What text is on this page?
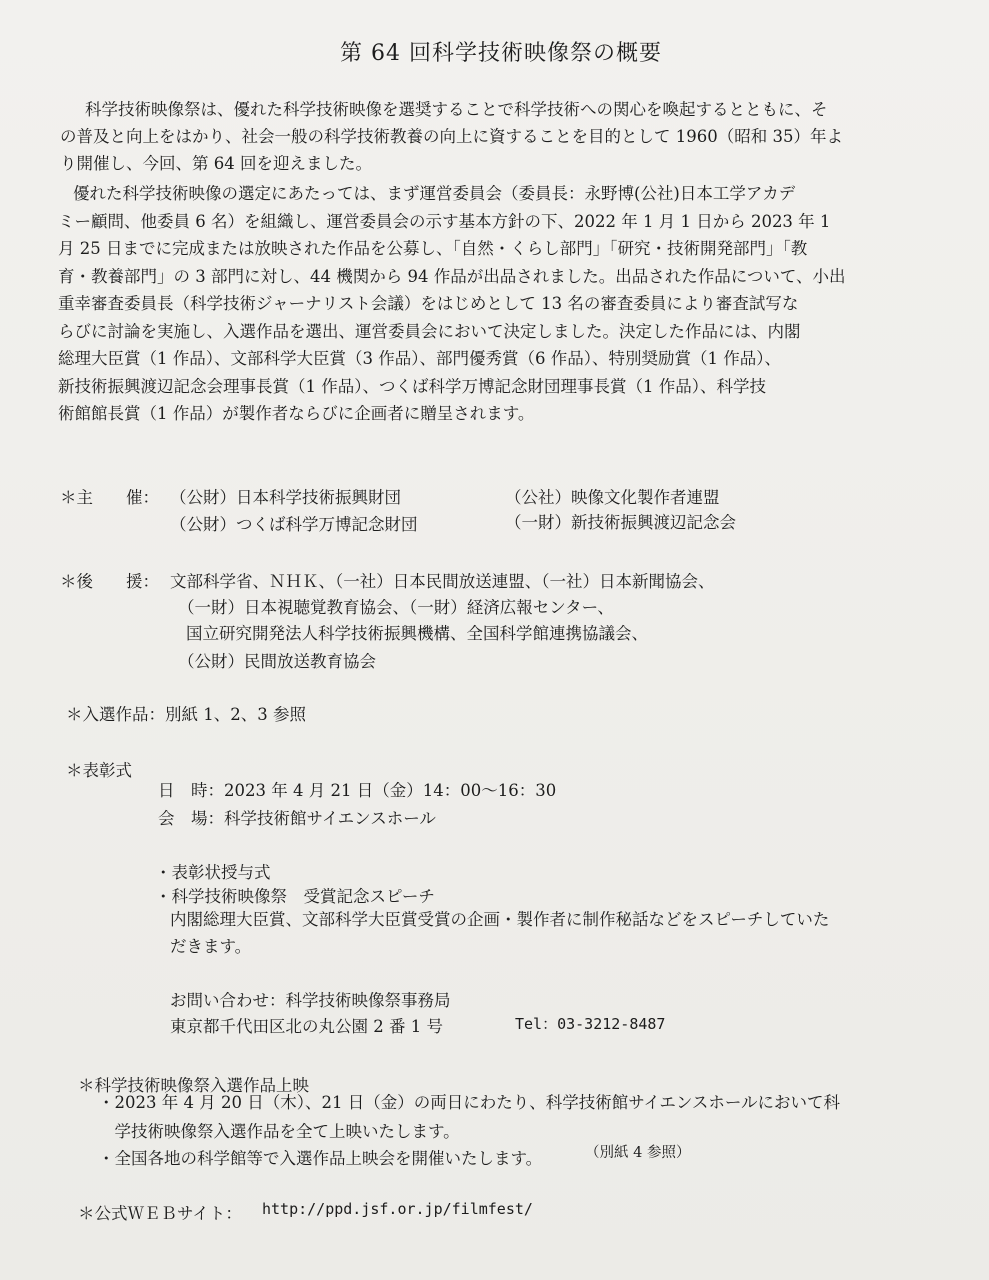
第 64 回科学技術映像祭の概要
科学技術映像祭は、優れた科学技術映像を選奨することで科学技術への関心を喚起するとともに、そ
の普及と向上をはかり、社会一般の科学技術教養の向上に資することを目的として 1960（昭和 35）年よ
り開催し、今回、第 64 回を迎えました。
優れた科学技術映像の選定にあたっては、まず運営委員会（委員長：永野博(公社)日本工学アカデ
ミー顧問、他委員 6 名）を組織し、運営委員会の示す基本方針の下、2022 年 1 月 1 日から 2023 年 1
月 25 日までに完成または放映された作品を公募し、「自然・くらし部門」「研究・技術開発部門」「教
育・教養部門」の 3 部門に対し、44 機関から 94 作品が出品されました。出品された作品について、小出
重幸審査委員長（科学技術ジャーナリスト会議）をはじめとして 13 名の審査委員により審査試写な
らびに討論を実施し、入選作品を選出、運営委員会において決定しました。決定した作品には、内閣
総理大臣賞（1 作品）、文部科学大臣賞（3 作品）、部門優秀賞（6 作品）、特別奨励賞（1 作品）、
新技術振興渡辺記念会理事長賞（1 作品）、つくば科学万博記念財団理事長賞（1 作品）、科学技
術館館長賞（1 作品）が製作者ならびに企画者に贈呈されます。
＊主　　催： （公財）日本科学技術振興財団
（公財）つくば科学万博記念財団
（公社）映像文化製作者連盟
（一財）新技術振興渡辺記念会
＊後　　援： 文部科学省、ＮＨＫ、（一社）日本民間放送連盟、（一社）日本新聞協会、
（一財）日本視聴覚教育協会、（一財）経済広報センター、
国立研究開発法人科学技術振興機構、全国科学館連携協議会、
（公財）民間放送教育協会
＊入選作品：別紙 1、2、3 参照
＊表彰式
日　時：2023 年 4 月 21 日（金）14：00～16：30
会　場：科学技術館サイエンスホール
・表彰状授与式
・科学技術映像祭　受賞記念スピーチ
内閣総理大臣賞、文部科学大臣賞受賞の企画・製作者に制作秘話などをスピーチしていた
だきます。
お問い合わせ：科学技術映像祭事務局
東京都千代田区北の丸公園 2 番 1 号	Tel：03-3212-8487
＊科学技術映像祭入選作品上映
・2023 年 4 月 20 日（木）、21 日（金）の両日にわたり、科学技術館サイエンスホールにおいて科
　学技術映像祭入選作品を全て上映いたします。
・全国各地の科学館等で入選作品上映会を開催いたします。	（別紙 4 参照）
＊公式ＷＥＢサイト： http://ppd.jsf.or.jp/filmfest/
